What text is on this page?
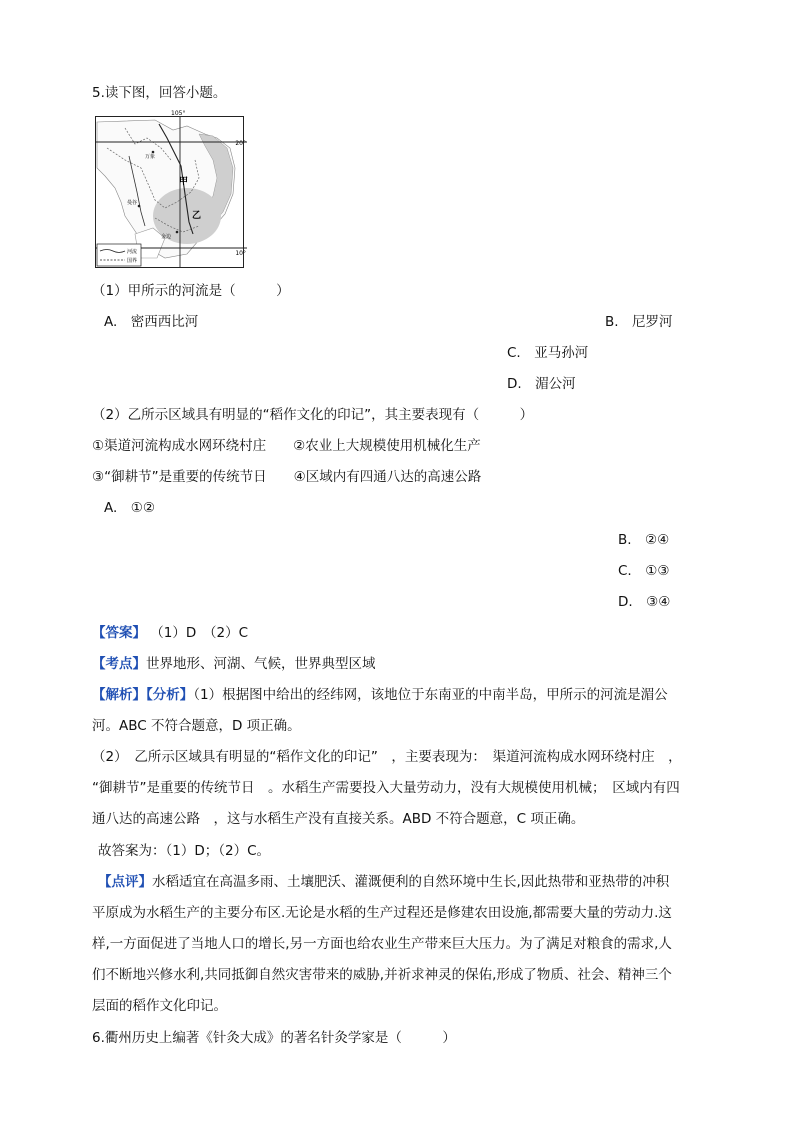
5.读下图，回答小题。
105°
20°
10°
甲
乙
万象
曼谷
金边
河流
国界
（1）甲所示的河流是（　　　）
A.　密西西比河	B.　尼罗河
C.　亚马孙河
D.　湄公河
（2）乙所示区域具有明显的“稻作文化的印记”，其主要表现有（　　　）
①渠道河流构成水网环绕村庄　　②农业上大规模使用机械化生产
③“御耕节”是重要的传统节日　　④区域内有四通八达的高速公路
A.　①②
B.　②④
C.　①③
D.　③④
【答案】 （1）D　（2）C
【考点】世界地形、河湖、气候，世界典型区域
【解析】【分析】（1）根据图中给出的经纬网，该地位于东南亚的中南半岛，甲所示的河流是湄公
河。ABC 不符合题意，D 项正确。
（2）　乙所示区域具有明显的“稻作文化的印记”　，主要表现为：　渠道河流构成水网环绕村庄　，
“御耕节”是重要的传统节日　。水稻生产需要投入大量劳动力，没有大规模使用机械；　区域内有四
通八达的高速公路　，这与水稻生产没有直接关系。ABD 不符合题意，C 项正确。
故答案为：（1）D；（2）C。
【点评】水稻适宜在高温多雨、土壤肥沃、灌溉便利的自然环境中生长,因此热带和亚热带的冲积
平原成为水稻生产的主要分布区.无论是水稻的生产过程还是修建农田设施,都需要大量的劳动力.这
样,一方面促进了当地人口的增长,另一方面也给农业生产带来巨大压力。为了满足对粮食的需求,人
们不断地兴修水利,共同抵御自然灾害带来的威胁,并祈求神灵的保佑,形成了物质、社会、精神三个
层面的稻作文化印记。
6.衢州历史上编著《针灸大成》的著名针灸学家是（　　　）
